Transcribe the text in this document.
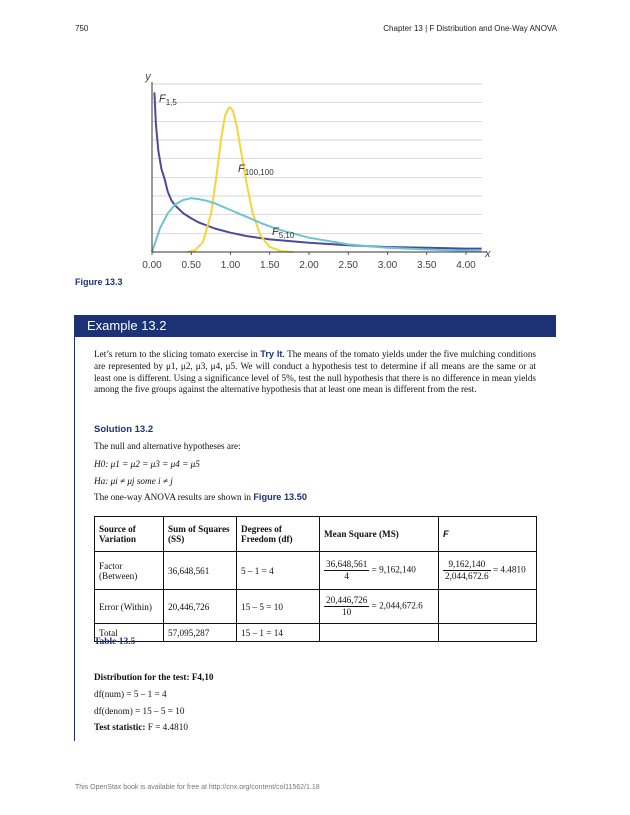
750	Chapter 13 | F Distribution and One-Way ANOVA
0.00 0.50 1.00 1.50 2.00 2.50 3.00 3.50 4.00
y
x
$F_{1,5}$
$F_{100,100}$
$F_{5,10}$
Figure 13.3
Example 13.2

Let’s return to the slicing tomato exercise in Try It. The means of the tomato yields under the five mulching conditions are represented by μ1, μ2, μ3, μ4, μ5. We will conduct a hypothesis test to determine if all means are the same or at least one is different. Using a significance level of 5%, test the null hypothesis that there is no difference in mean yields among the five groups against the alternative hypothesis that at least one mean is different from the rest.

Solution 13.2
The null and alternative hypotheses are:
H0: μ1 = μ2 = μ3 = μ4 = μ5
Ha: μi ≠ μj some i ≠ j
The one-way ANOVA results are shown in Figure 13.50
Source of Variation	Sum of Squares (SS)	Degrees of Freedom (df)	Mean Square (MS)	F
Factor (Between)	36,648,561	5 – 1 = 4	$\frac{36,648,561}{4} = 9,162,140$	$\frac{9,162,140}{2,044,672.6} = 4.4810$
Error (Within)	20,446,726	15 – 5 = 10	$\frac{20,446,726}{10} = 2,044,672.6$	
Total	57,095,287	15 – 1 = 14		
Table 13.5
Distribution for the test: F4,10
df(num) = 5 – 1 = 4
df(denom) = 15 – 5 = 10
Test statistic: F = 4.4810
This OpenStax book is available for free at http://cnx.org/content/col11562/1.18
